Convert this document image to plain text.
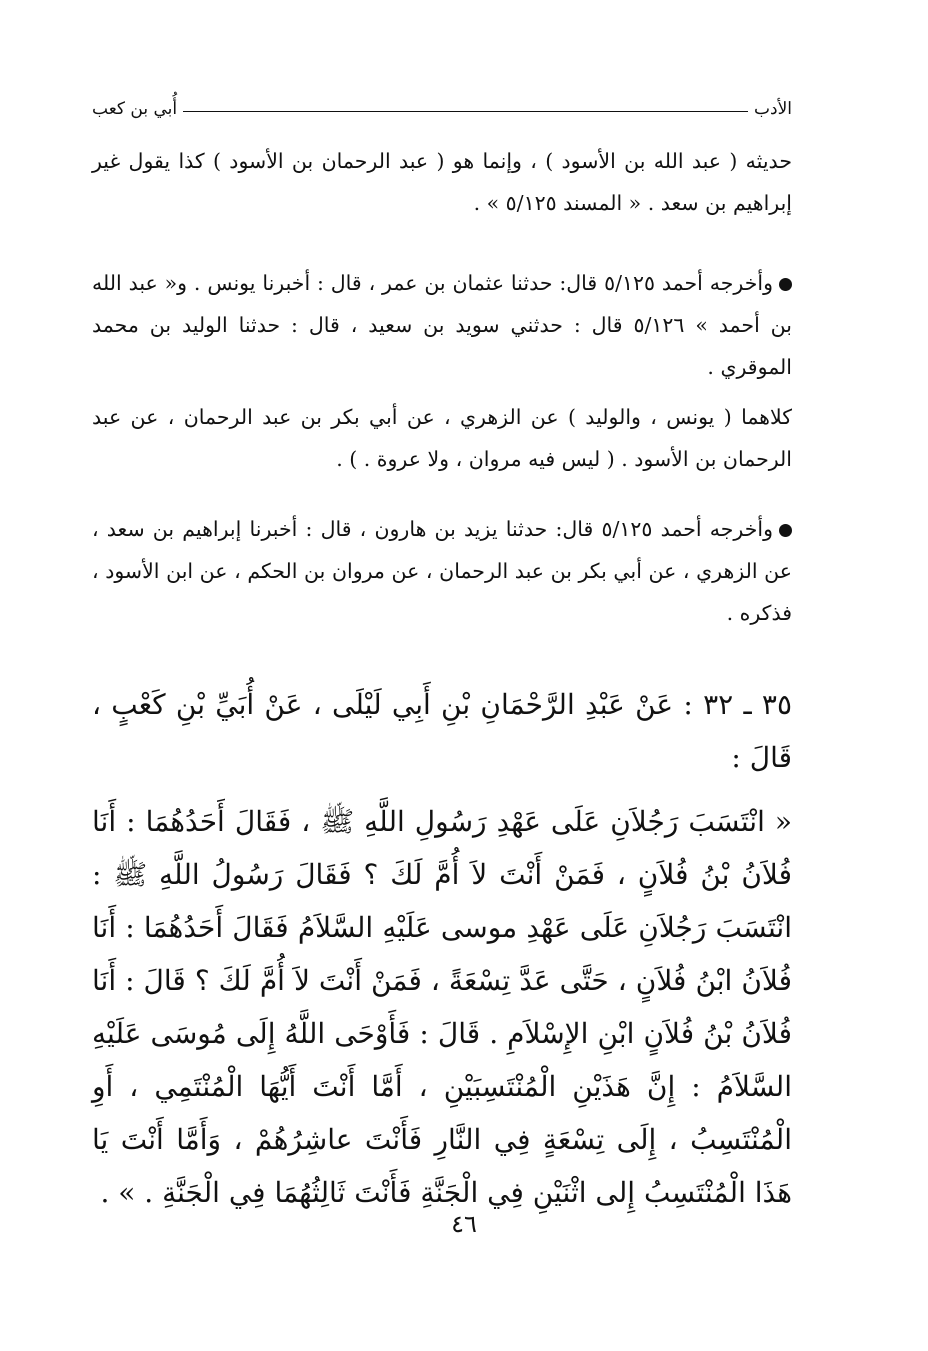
الأدب
أُبي بن كعب

حديثه ( عبد الله بن الأسود ) ، وإنما هو ( عبد الرحمان بن الأسود ) كذا يقول غير إبراهيم بن سعد . « المسند ٥/١٢٥ » .

وأخرجه أحمد ٥/١٢٥ قال: حدثنا عثمان بن عمر ، قال : أخبرنا يونس . و« عبد الله بن أحمد » ٥/١٢٦ قال : حدثني سويد بن سعيد ، قال : حدثنا الوليد بن محمد الموقري .

كلاهما ( يونس ، والوليد ) عن الزهري ، عن أبي بكر بن عبد الرحمان ، عن عبد الرحمان بن الأسود . ( ليس فيه مروان ، ولا عروة . ) .

وأخرجه أحمد ٥/١٢٥ قال: حدثنا يزيد بن هارون ، قال : أخبرنا إبراهيم بن سعد ، عن الزهري ، عن أبي بكر بن عبد الرحمان ، عن مروان بن الحكم ، عن ابن الأسود ، فذكره .

٣٥ ـ ٣٢ : عَنْ عَبْدِ الرَّحْمَانِ بْنِ أَبِي لَيْلَى ، عَنْ أُبَيِّ بْنِ كَعْبٍ ، قَالَ :

« انْتَسَبَ رَجُلاَنِ عَلَى عَهْدِ رَسُولِ اللَّهِ ﷺ ، فَقَالَ أَحَدُهُمَا : أَنَا فُلاَنُ بْنُ فُلاَنٍ ، فَمَنْ أَنْتَ لاَ أُمَّ لَكَ ؟ فَقَالَ رَسُولُ اللَّهِ ﷺ : انْتَسَبَ رَجُلاَنِ عَلَى عَهْدِ موسى عَلَيْهِ السَّلاَمُ فَقَالَ أَحَدُهُمَا : أَنَا فُلاَنُ ابْنُ فُلاَنٍ ، حَتَّى عَدَّ تِسْعَةً ، فَمَنْ أَنْتَ لاَ أُمَّ لَكَ ؟ قَالَ : أَنَا فُلاَنُ بْنُ فُلاَنٍ ابْنِ الإِسْلاَمِ . قَالَ : فَأَوْحَى اللَّهُ إِلَى مُوسَى عَلَيْهِ السَّلاَمُ : إِنَّ هَذَيْنِ الْمُنْتَسِبَيْنِ ، أَمَّا أَنْتَ أَيُّهَا الْمُنْتَمِي ، أَوِ الْمُنْتَسِبُ ، إِلَى تِسْعَةٍ فِي النَّارِ فَأَنْتَ عاشِرُهُمْ ، وَأَمَّا أَنْتَ يَا هَذَا الْمُنْتَسِبُ إِلى اثْنَيْنِ فِي الْجَنَّةِ فَأَنْتَ ثَالِثُهُمَا فِي الْجَنَّةِ . » .

٤٦
